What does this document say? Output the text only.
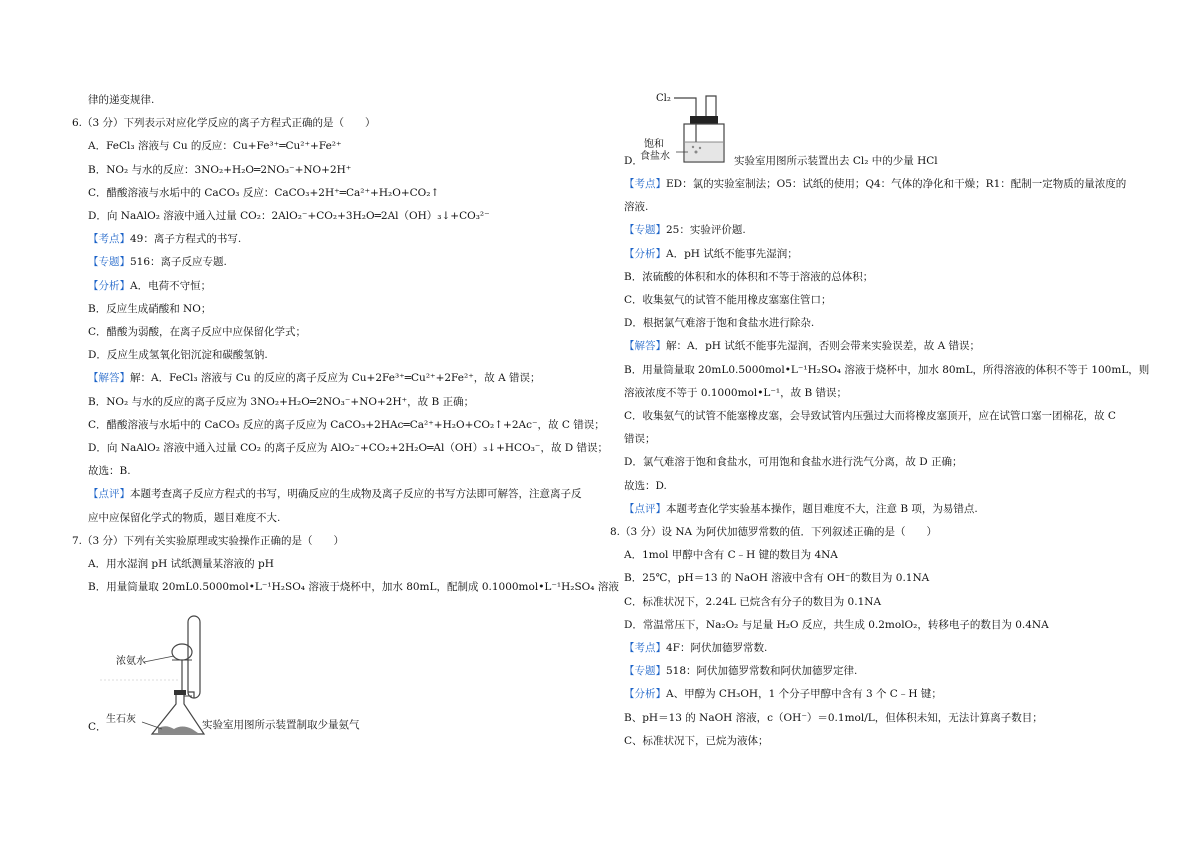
律的递变规律.
6.（3 分）下列表示对应化学反应的离子方程式正确的是（　　）
A．FeCl₃ 溶液与 Cu 的反应：Cu+Fe³⁺═Cu²⁺+Fe²⁺
B．NO₂ 与水的反应：3NO₂+H₂O═2NO₃⁻+NO+2H⁺
C．醋酸溶液与水垢中的 CaCO₃ 反应：CaCO₃+2H⁺═Ca²⁺+H₂O+CO₂↑
D．向 NaAlO₂ 溶液中通入过量 CO₂：2AlO₂⁻+CO₂+3H₂O═2Al（OH）₃↓+CO₃²⁻
【考点】49：离子方程式的书写.
【专题】516：离子反应专题.
【分析】A．电荷不守恒；
B．反应生成硝酸和 NO；
C．醋酸为弱酸，在离子反应中应保留化学式；
D．反应生成氢氧化铝沉淀和碳酸氢钠.
【解答】解：A．FeCl₃ 溶液与 Cu 的反应的离子反应为 Cu+2Fe³⁺═Cu²⁺+2Fe²⁺，故 A 错误；
B．NO₂ 与水的反应的离子反应为 3NO₂+H₂O═2NO₃⁻+NO+2H⁺，故 B 正确；
C．醋酸溶液与水垢中的 CaCO₃ 反应的离子反应为 CaCO₃+2HAc═Ca²⁺+H₂O+CO₂↑+2Ac⁻，故 C 错误；
D．向 NaAlO₂ 溶液中通入过量 CO₂ 的离子反应为 AlO₂⁻+CO₂+2H₂O═Al（OH）₃↓+HCO₃⁻，故 D 错误；
故选：B.
【点评】本题考查离子反应方程式的书写，明确反应的生成物及离子反应的书写方法即可解答，注意离子反
应中应保留化学式的物质，题目难度不大.
7.（3 分）下列有关实验原理或实验操作正确的是（　　）
A．用水湿润 pH 试纸测量某溶液的 pH
B．用量筒量取 20mL0.5000mol•L⁻¹H₂SO₄ 溶液于烧杯中，加水 80mL，配制成 0.1000mol•L⁻¹H₂SO₄ 溶液
浓氨水
生石灰
C．	实验室用图所示装置制取少量氨气
Cl₂
饱和
食盐水
D．	实验室用图所示装置出去 Cl₂ 中的少量 HCl
【考点】ED：氯的实验室制法；O5：试纸的使用；Q4：气体的净化和干燥；R1：配制一定物质的量浓度的
溶液.
【专题】25：实验评价题.
【分析】A．pH 试纸不能事先湿润；
B．浓硫酸的体积和水的体积和不等于溶液的总体积；
C．收集氨气的试管不能用橡皮塞塞住管口；
D．根据氯气难溶于饱和食盐水进行除杂.
【解答】解：A．pH 试纸不能事先湿润，否则会带来实验误差，故 A 错误；
B．用量筒量取 20mL0.5000mol•L⁻¹H₂SO₄ 溶液于烧杯中，加水 80mL，所得溶液的体积不等于 100mL，则
溶液浓度不等于 0.1000mol•L⁻¹，故 B 错误；
C．收集氨气的试管不能塞橡皮塞，会导致试管内压强过大而将橡皮塞顶开，应在试管口塞一团棉花，故 C
错误；
D．氯气难溶于饱和食盐水，可用饱和食盐水进行洗气分离，故 D 正确；
故选：D.
【点评】本题考查化学实验基本操作，题目难度不大，注意 B 项，为易错点.
8.（3 分）设 NA 为阿伏加德罗常数的值．下列叙述正确的是（　　）
A．1mol 甲醇中含有 C﹣H 键的数目为 4NA
B．25℃，pH＝13 的 NaOH 溶液中含有 OH⁻的数目为 0.1NA
C．标准状况下，2.24L 已烷含有分子的数目为 0.1NA
D．常温常压下，Na₂O₂ 与足量 H₂O 反应，共生成 0.2molO₂，转移电子的数目为 0.4NA
【考点】4F：阿伏加德罗常数.
【专题】518：阿伏加德罗常数和阿伏加德罗定律.
【分析】A、甲醇为 CH₃OH，1 个分子甲醇中含有 3 个 C﹣H 键；
B、pH＝13 的 NaOH 溶液，c（OH⁻）＝0.1mol/L，但体积未知，无法计算离子数目；
C、标准状况下，已烷为液体；
